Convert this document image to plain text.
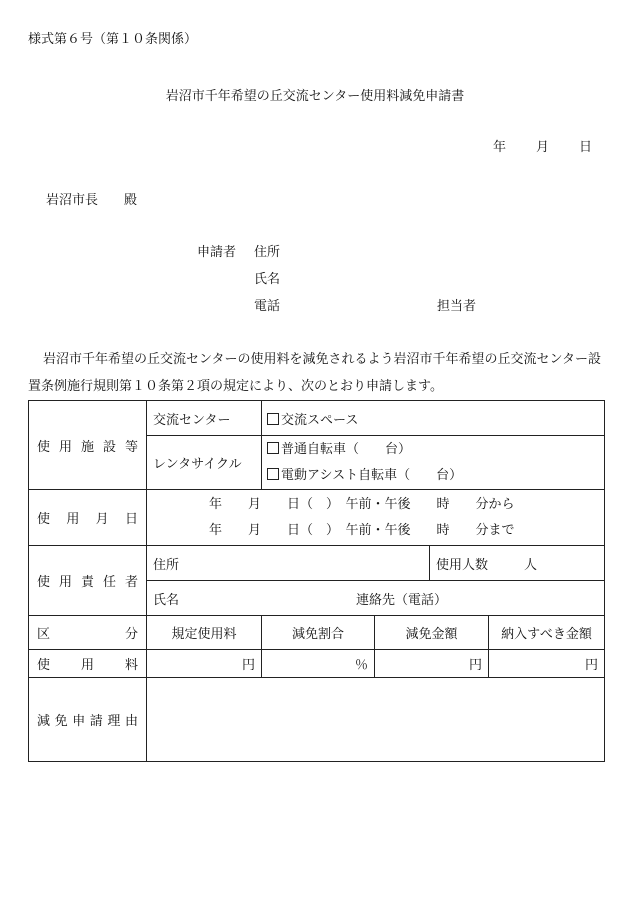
様式第６号（第１０条関係）
岩沼市千年希望の丘交流センター使用料減免申請書
年 月 日
岩沼市長　　殿
申請者 住所
氏名
電話	担当者
岩沼市千年希望の丘交流センターの使用料を減免されるよう岩沼市千年希望の丘交流センター設置条例施行規則第１０条第２項の規定により、次のとおり申請します。
使用施設等	交流センター	交流スペース			
	レンタサイクル	普通自転車（　　台）
電動アシスト自転車（　　台）			

使用月日	年　　月　　日（　）　午前・午後　　時　　分から
年　　月　　日（　）　午前・午後　　時　　分まで				

使用責任者	住所			使用人数 人	
	氏名 連絡先（電話）				
区分	規定使用料	減免割合	減免金額		納入すべき金額
使用料	円	％	円		円
減免申請理由					
